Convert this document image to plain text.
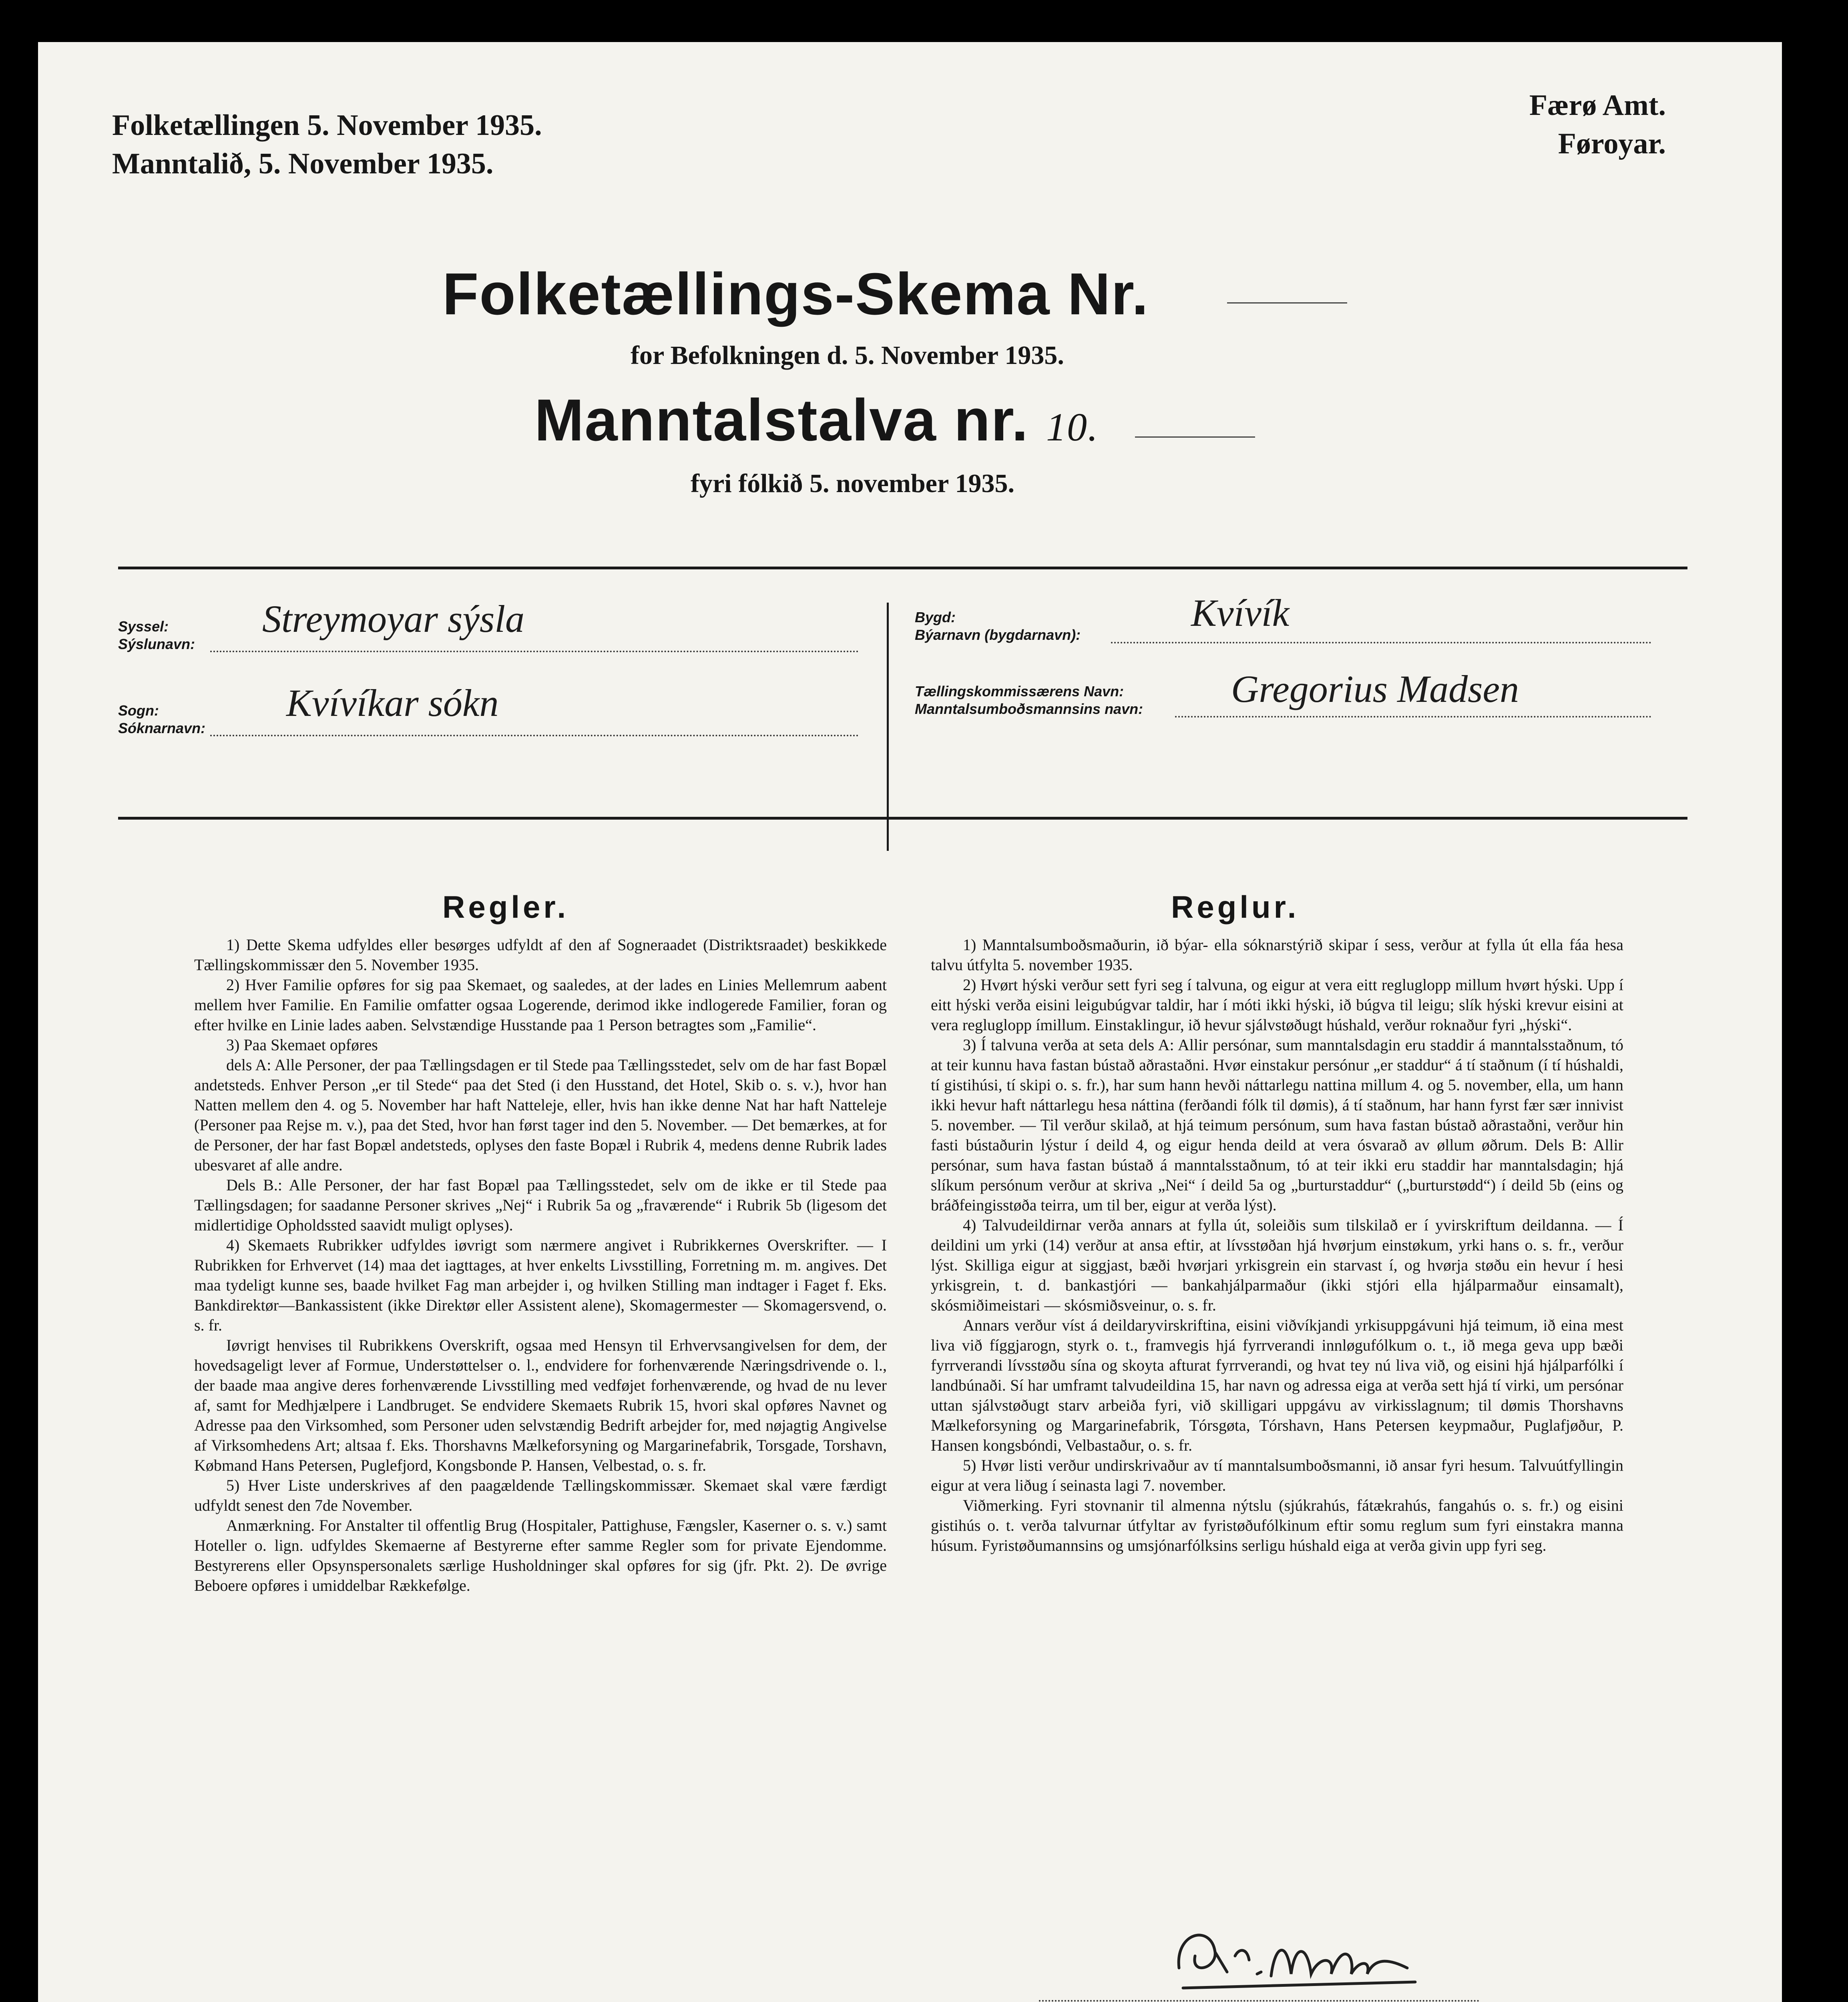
Folketællingen 5. November 1935.
Manntalið, 5. November 1935.
Færø Amt.
Føroyar.
Folketællings-Skema Nr.
for Befolkningen d. 5. November 1935.
Manntalstalva nr. 10.
fyri fólkið 5. november 1935.
Syssel:
Sýslunavn:
Streymoyar sýsla
Sogn:
Sóknarnavn:
Kvívíkar sókn
Bygd:
Býarnavn (bygdarnavn):
Kvívík
Tællingskommissærens Navn:
Manntalsumboðsmannsins navn: Gregorius Madsen
Regler.

1) Dette Skema udfyldes eller besørges udfyldt af den af Sogneraadet (Distriktsraadet) beskikkede Tællingskommissær den 5. November 1935.

2) Hver Familie opføres for sig paa Skemaet, og saaledes, at der lades en Linies Mellemrum aabent mellem hver Familie. En Familie omfatter ogsaa Logerende, derimod ikke indlogerede Familier, foran og efter hvilke en Linie lades aaben. Selvstændige Husstande paa 1 Person betragtes som „Familie“.

3) Paa Skemaet opføres

dels A: Alle Personer, der paa Tællingsdagen er til Stede paa Tællingsstedet, selv om de har fast Bopæl andetsteds. Enhver Person „er til Stede“ paa det Sted (i den Husstand, det Hotel, Skib o. s. v.), hvor han Natten mellem den 4. og 5. November har haft Natteleje, eller, hvis han ikke denne Nat har haft Natteleje (Personer paa Rejse m. v.), paa det Sted, hvor han først tager ind den 5. November. — Det bemærkes, at for de Personer, der har fast Bopæl andetsteds, oplyses den faste Bopæl i Rubrik 4, medens denne Rubrik lades ubesvaret af alle andre.

Dels B.: Alle Personer, der har fast Bopæl paa Tællingsstedet, selv om de ikke er til Stede paa Tællingsdagen; for saadanne Personer skrives „Nej“ i Rubrik 5a og „fraværende“ i Rubrik 5b (ligesom det midlertidige Opholdssted saavidt muligt oplyses).

4) Skemaets Rubrikker udfyldes iøvrigt som nærmere angivet i Rubrikkernes Overskrifter. — I Rubrikken for Erhvervet (14) maa det iagttages, at hver enkelts Livsstilling, Forretning m. m. angives. Det maa tydeligt kunne ses, baade hvilket Fag man arbejder i, og hvilken Stilling man indtager i Faget f. Eks. Bankdirektør—Bankassistent (ikke Direktør eller Assistent alene), Skomagermester — Skomagersvend, o. s. fr.

Iøvrigt henvises til Rubrikkens Overskrift, ogsaa med Hensyn til Erhvervsangivelsen for dem, der hovedsageligt lever af Formue, Understøttelser o. l., endvidere for forhenværende Næringsdrivende o. l., der baade maa angive deres forhenværende Livsstilling med vedføjet forhenværende, og hvad de nu lever af, samt for Medhjælpere i Landbruget. Se endvidere Skemaets Rubrik 15, hvori skal opføres Navnet og Adresse paa den Virksomhed, som Personer uden selvstændig Bedrift arbejder for, med nøjagtig Angivelse af Virksomhedens Art; altsaa f. Eks. Thorshavns Mælkeforsyning og Margarinefabrik, Torsgade, Torshavn, Købmand Hans Petersen, Puglefjord, Kongsbonde P. Hansen, Velbestad, o. s. fr.

5) Hver Liste underskrives af den paagældende Tællingskommissær. Skemaet skal være færdigt udfyldt senest den 7de November.

Anmærkning. For Anstalter til offentlig Brug (Hospitaler, Pattighuse, Fængsler, Kaserner o. s. v.) samt Hoteller o. lign. udfyldes Skemaerne af Bestyrerne efter samme Regler som for private Ejendomme. Bestyrerens eller Opsynspersonalets særlige Husholdninger skal opføres for sig (jfr. Pkt. 2). De øvrige Beboere opføres i umiddelbar Rækkefølge.

Reglur.

1) Manntalsumboðsmaðurin, ið býar- ella sóknarstýrið skipar í sess, verður at fylla út ella fáa hesa talvu útfylta 5. november 1935.

2) Hvørt hýski verður sett fyri seg í talvuna, og eigur at vera eitt regluglopp millum hvørt hýski. Upp í eitt hýski verða eisini leigubúgvar taldir, har í móti ikki hýski, ið búgva til leigu; slík hýski krevur eisini at vera regluglopp ímillum. Einstaklingur, ið hevur sjálvstøðugt húshald, verður roknaður fyri „hýski“.

3) Í talvuna verða at seta dels A: Allir persónar, sum manntalsdagin eru staddir á manntalsstaðnum, tó at teir kunnu hava fastan bústað aðrastaðni. Hvør einstakur persónur „er staddur“ á tí staðnum (í tí húshaldi, tí gistihúsi, tí skipi o. s. fr.), har sum hann hevði náttarlegu nattina millum 4. og 5. november, ella, um hann ikki hevur haft náttarlegu hesa náttina (ferðandi fólk til dømis), á tí staðnum, har hann fyrst fær sær innivist 5. november. — Til verður skilað, at hjá teimum persónum, sum hava fastan bústað aðrastaðni, verður hin fasti bústaðurin lýstur í deild 4, og eigur henda deild at vera ósvarað av øllum øðrum. Dels B: Allir persónar, sum hava fastan bústað á manntalsstaðnum, tó at teir ikki eru staddir har manntalsdagin; hjá slíkum persónum verður at skriva „Nei“ í deild 5a og „burturstaddur“ („burturstødd“) í deild 5b (eins og bráðfeingisstøða teirra, um til ber, eigur at verða lýst).

4) Talvudeildirnar verða annars at fylla út, soleiðis sum tilskilað er í yvirskriftum deildanna. — Í deildini um yrki (14) verður at ansa eftir, at lívsstøðan hjá hvørjum einstøkum, yrki hans o. s. fr., verður lýst. Skilliga eigur at siggjast, bæði hvørjari yrkisgrein ein starvast í, og hvørja støðu ein hevur í hesi yrkisgrein, t. d. bankastjóri — bankahjálparmaður (ikki stjóri ella hjálparmaður einsamalt), skósmiðimeistari — skósmiðsveinur, o. s. fr.

Annars verður víst á deildaryvirskriftina, eisini viðvíkjandi yrkisuppgávuni hjá teimum, ið eina mest liva við fíggjarogn, styrk o. t., framvegis hjá fyrrverandi innløgufólkum o. t., ið mega geva upp bæði fyrrverandi lívsstøðu sína og skoyta afturat fyrrverandi, og hvat tey nú liva við, og eisini hjá hjálparfólki í landbúnaði. Sí har umframt talvudeildina 15, har navn og adressa eiga at verða sett hjá tí virki, um persónar uttan sjálvstøðugt starv arbeiða fyri, við skilligari uppgávu av virkisslagnum; til dømis Thorshavns Mælkeforsyning og Margarinefabrik, Tórsgøta, Tórshavn, Hans Petersen keypmaður, Puglafjøður, P. Hansen kongsbóndi, Velbastaður, o. s. fr.

5) Hvør listi verður undirskrivaður av tí manntalsumboðsmanni, ið ansar fyri hesum. Talvuútfyllingin eigur at vera liðug í seinasta lagi 7. november.

Viðmerking. Fyri stovnanir til almenna nýtslu (sjúkrahús, fátækrahús, fangahús o. s. fr.) og eisini gistihús o. t. verða talvurnar útfyltar av fyristøðufólkinum eftir somu reglum sum fyri einstakra manna húsum. Fyristøðumannsins og umsjónarfólksins serligu húshald eiga at verða givin upp fyri seg.
